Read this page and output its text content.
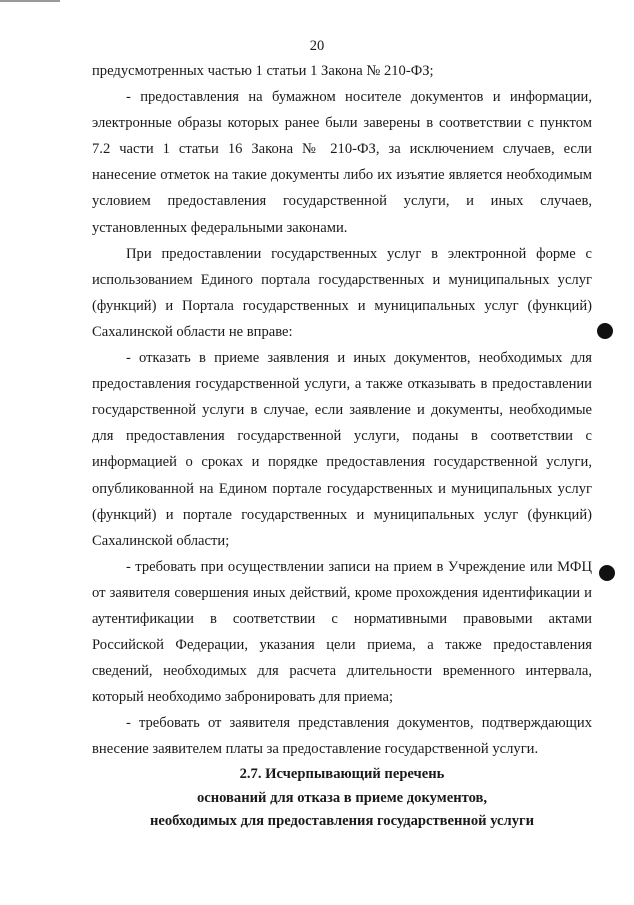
20

предусмотренных частью 1 статьи 1 Закона № 210-ФЗ;

- предоставления на бумажном носителе документов и информации, электронные образы которых ранее были заверены в соответствии с пунктом 7.2 части 1 статьи 16 Закона № 210-ФЗ, за исключением случаев, если нанесение отметок на такие документы либо их изъятие является необходимым условием предоставления государственной услуги, и иных случаев, установленных федеральными законами.

При предоставлении государственных услуг в электронной форме с использованием Единого портала государственных и муниципальных услуг (функций) и Портала государственных и муниципальных услуг (функций) Сахалинской области не вправе:

- отказать в приеме заявления и иных документов, необходимых для предоставления государственной услуги, а также отказывать в предоставлении государственной услуги в случае, если заявление и документы, необходимые для предоставления государственной услуги, поданы в соответствии с информацией о сроках и порядке предоставления государственной услуги, опубликованной на Едином портале государственных и муниципальных услуг (функций) и портале государственных и муниципальных услуг (функций) Сахалинской области;

- требовать при осуществлении записи на прием в Учреждение или МФЦ от заявителя совершения иных действий, кроме прохождения идентификации и аутентификации в соответствии с нормативными правовыми актами Российской Федерации, указания цели приема, а также предоставления сведений, необходимых для расчета длительности временного интервала, который необходимо забронировать для приема;

- требовать от заявителя представления документов, подтверждающих внесение заявителем платы за предоставление государственной услуги.

2.7. Исчерпывающий перечень
оснований для отказа в приеме документов,
необходимых для предоставления государственной услуги
